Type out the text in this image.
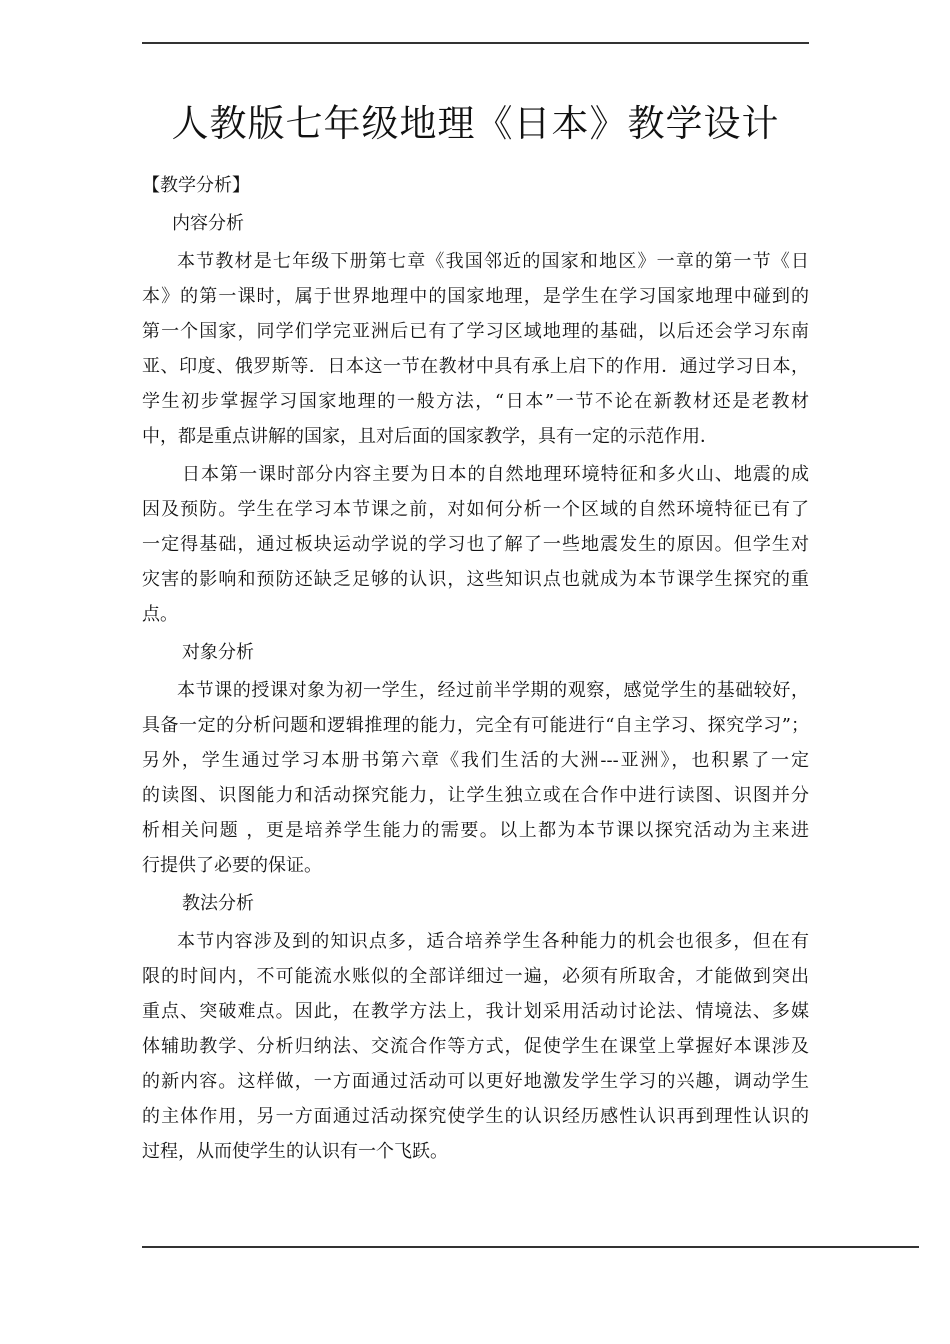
人教版七年级地理《日本》教学设计
【教学分析】
内容分析
本节教材是七年级下册第七章《我国邻近的国家和地区》一章的第一节《日
本》的第一课时，属于世界地理中的国家地理，是学生在学习国家地理中碰到的
第一个国家，同学们学完亚洲后已有了学习区域地理的基础，以后还会学习东南
亚、印度、俄罗斯等．日本这一节在教材中具有承上启下的作用．通过学习日本，
学生初步掌握学习国家地理的一般方法，“日本”一节不论在新教材还是老教材
中，都是重点讲解的国家，且对后面的国家教学，具有一定的示范作用．
日本第一课时部分内容主要为日本的自然地理环境特征和多火山、地震的成
因及预防。学生在学习本节课之前，对如何分析一个区域的自然环境特征已有了
一定得基础，通过板块运动学说的学习也了解了一些地震发生的原因。但学生对
灾害的影响和预防还缺乏足够的认识，这些知识点也就成为本节课学生探究的重
点。
对象分析
本节课的授课对象为初一学生，经过前半学期的观察，感觉学生的基础较好，
具备一定的分析问题和逻辑推理的能力，完全有可能进行“自主学习、探究学习”；
另外，学生通过学习本册书第六章《我们生活的大洲---亚洲》，也积累了一定
的读图、识图能力和活动探究能力，让学生独立或在合作中进行读图、识图并分
析相关问题 ，更是培养学生能力的需要。以上都为本节课以探究活动为主来进
行提供了必要的保证。
教法分析
本节内容涉及到的知识点多，适合培养学生各种能力的机会也很多，但在有
限的时间内，不可能流水账似的全部详细过一遍，必须有所取舍，才能做到突出
重点、突破难点。因此，在教学方法上，我计划采用活动讨论法、情境法、多媒
体辅助教学、分析归纳法、交流合作等方式，促使学生在课堂上掌握好本课涉及
的新内容。这样做，一方面通过活动可以更好地激发学生学习的兴趣，调动学生
的主体作用，另一方面通过活动探究使学生的认识经历感性认识再到理性认识的
过程，从而使学生的认识有一个飞跃。
